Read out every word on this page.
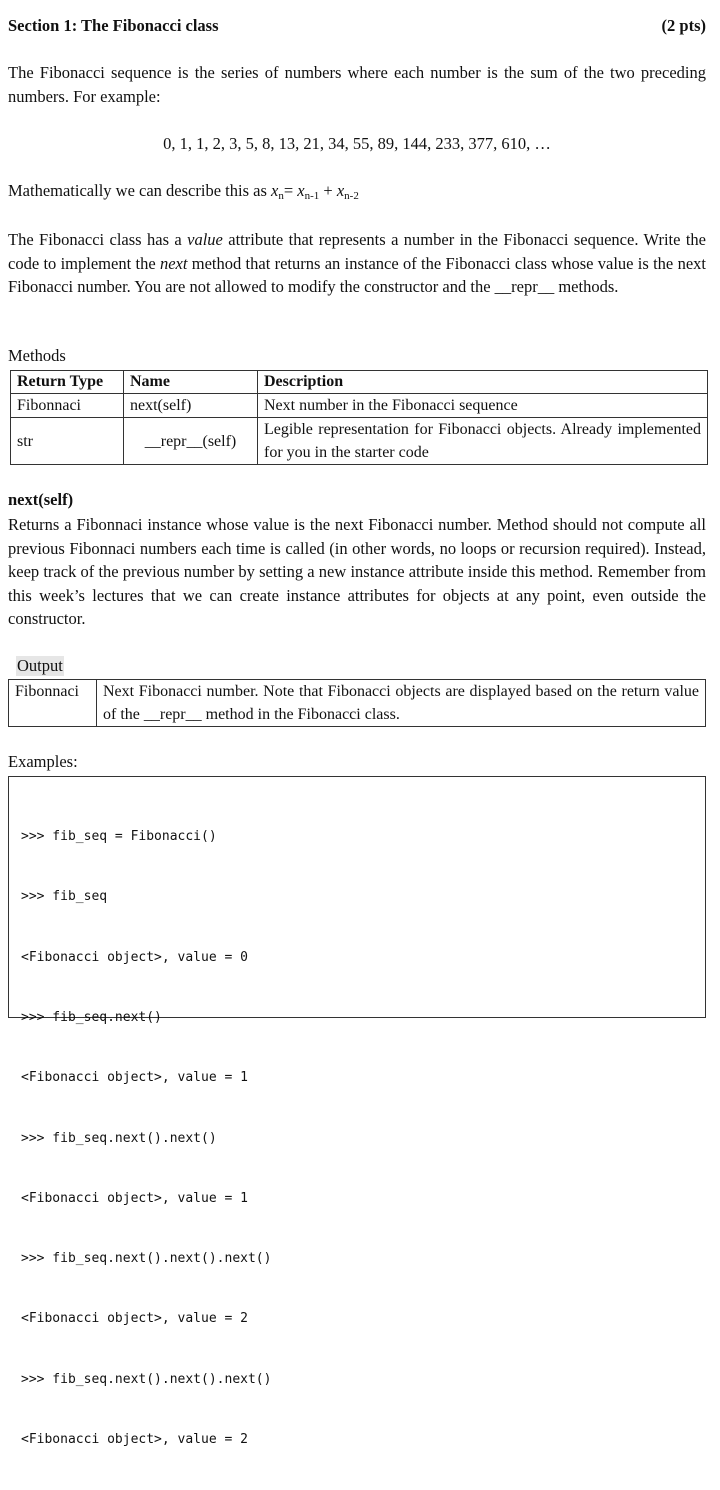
Section 1: The Fibonacci class	(2 pts)
The Fibonacci sequence is the series of numbers where each number is the sum of the two preceding numbers. For example:
0, 1, 1, 2, 3, 5, 8, 13, 21, 34, 55, 89, 144, 233, 377, 610, …
Mathematically we can describe this as $x_n= x_{n-1} + x_{n-2}$
The Fibonacci class has a value attribute that represents a number in the Fibonacci sequence. Write the code to implement the next method that returns an instance of the Fibonacci class whose value is the next Fibonacci number. You are not allowed to modify the constructor and the __repr__ methods.
Methods
Return Type	Name	Description
Fibonnaci	next(self)	Next number in the Fibonacci sequence
str	__repr__(self)	Legible representation for Fibonacci objects. Already implemented for you in the starter code
next(self)
Returns a Fibonnaci instance whose value is the next Fibonacci number. Method should not compute all previous Fibonnaci numbers each time is called (in other words, no loops or recursion required). Instead, keep track of the previous number by setting a new instance attribute inside this method. Remember from this week’s lectures that we can create instance attributes for objects at any point, even outside the constructor.
Output
Fibonnaci	Next Fibonacci number. Note that Fibonacci objects are displayed based on the return value of the __repr__ method in the Fibonacci class.
Examples:

>>> fib_seq = Fibonacci()

>>> fib_seq

<Fibonacci object>, value = 0

>>> fib_seq.next()

<Fibonacci object>, value = 1

>>> fib_seq.next().next()

<Fibonacci object>, value = 1

>>> fib_seq.next().next().next()

<Fibonacci object>, value = 2

>>> fib_seq.next().next().next()

<Fibonacci object>, value = 2
